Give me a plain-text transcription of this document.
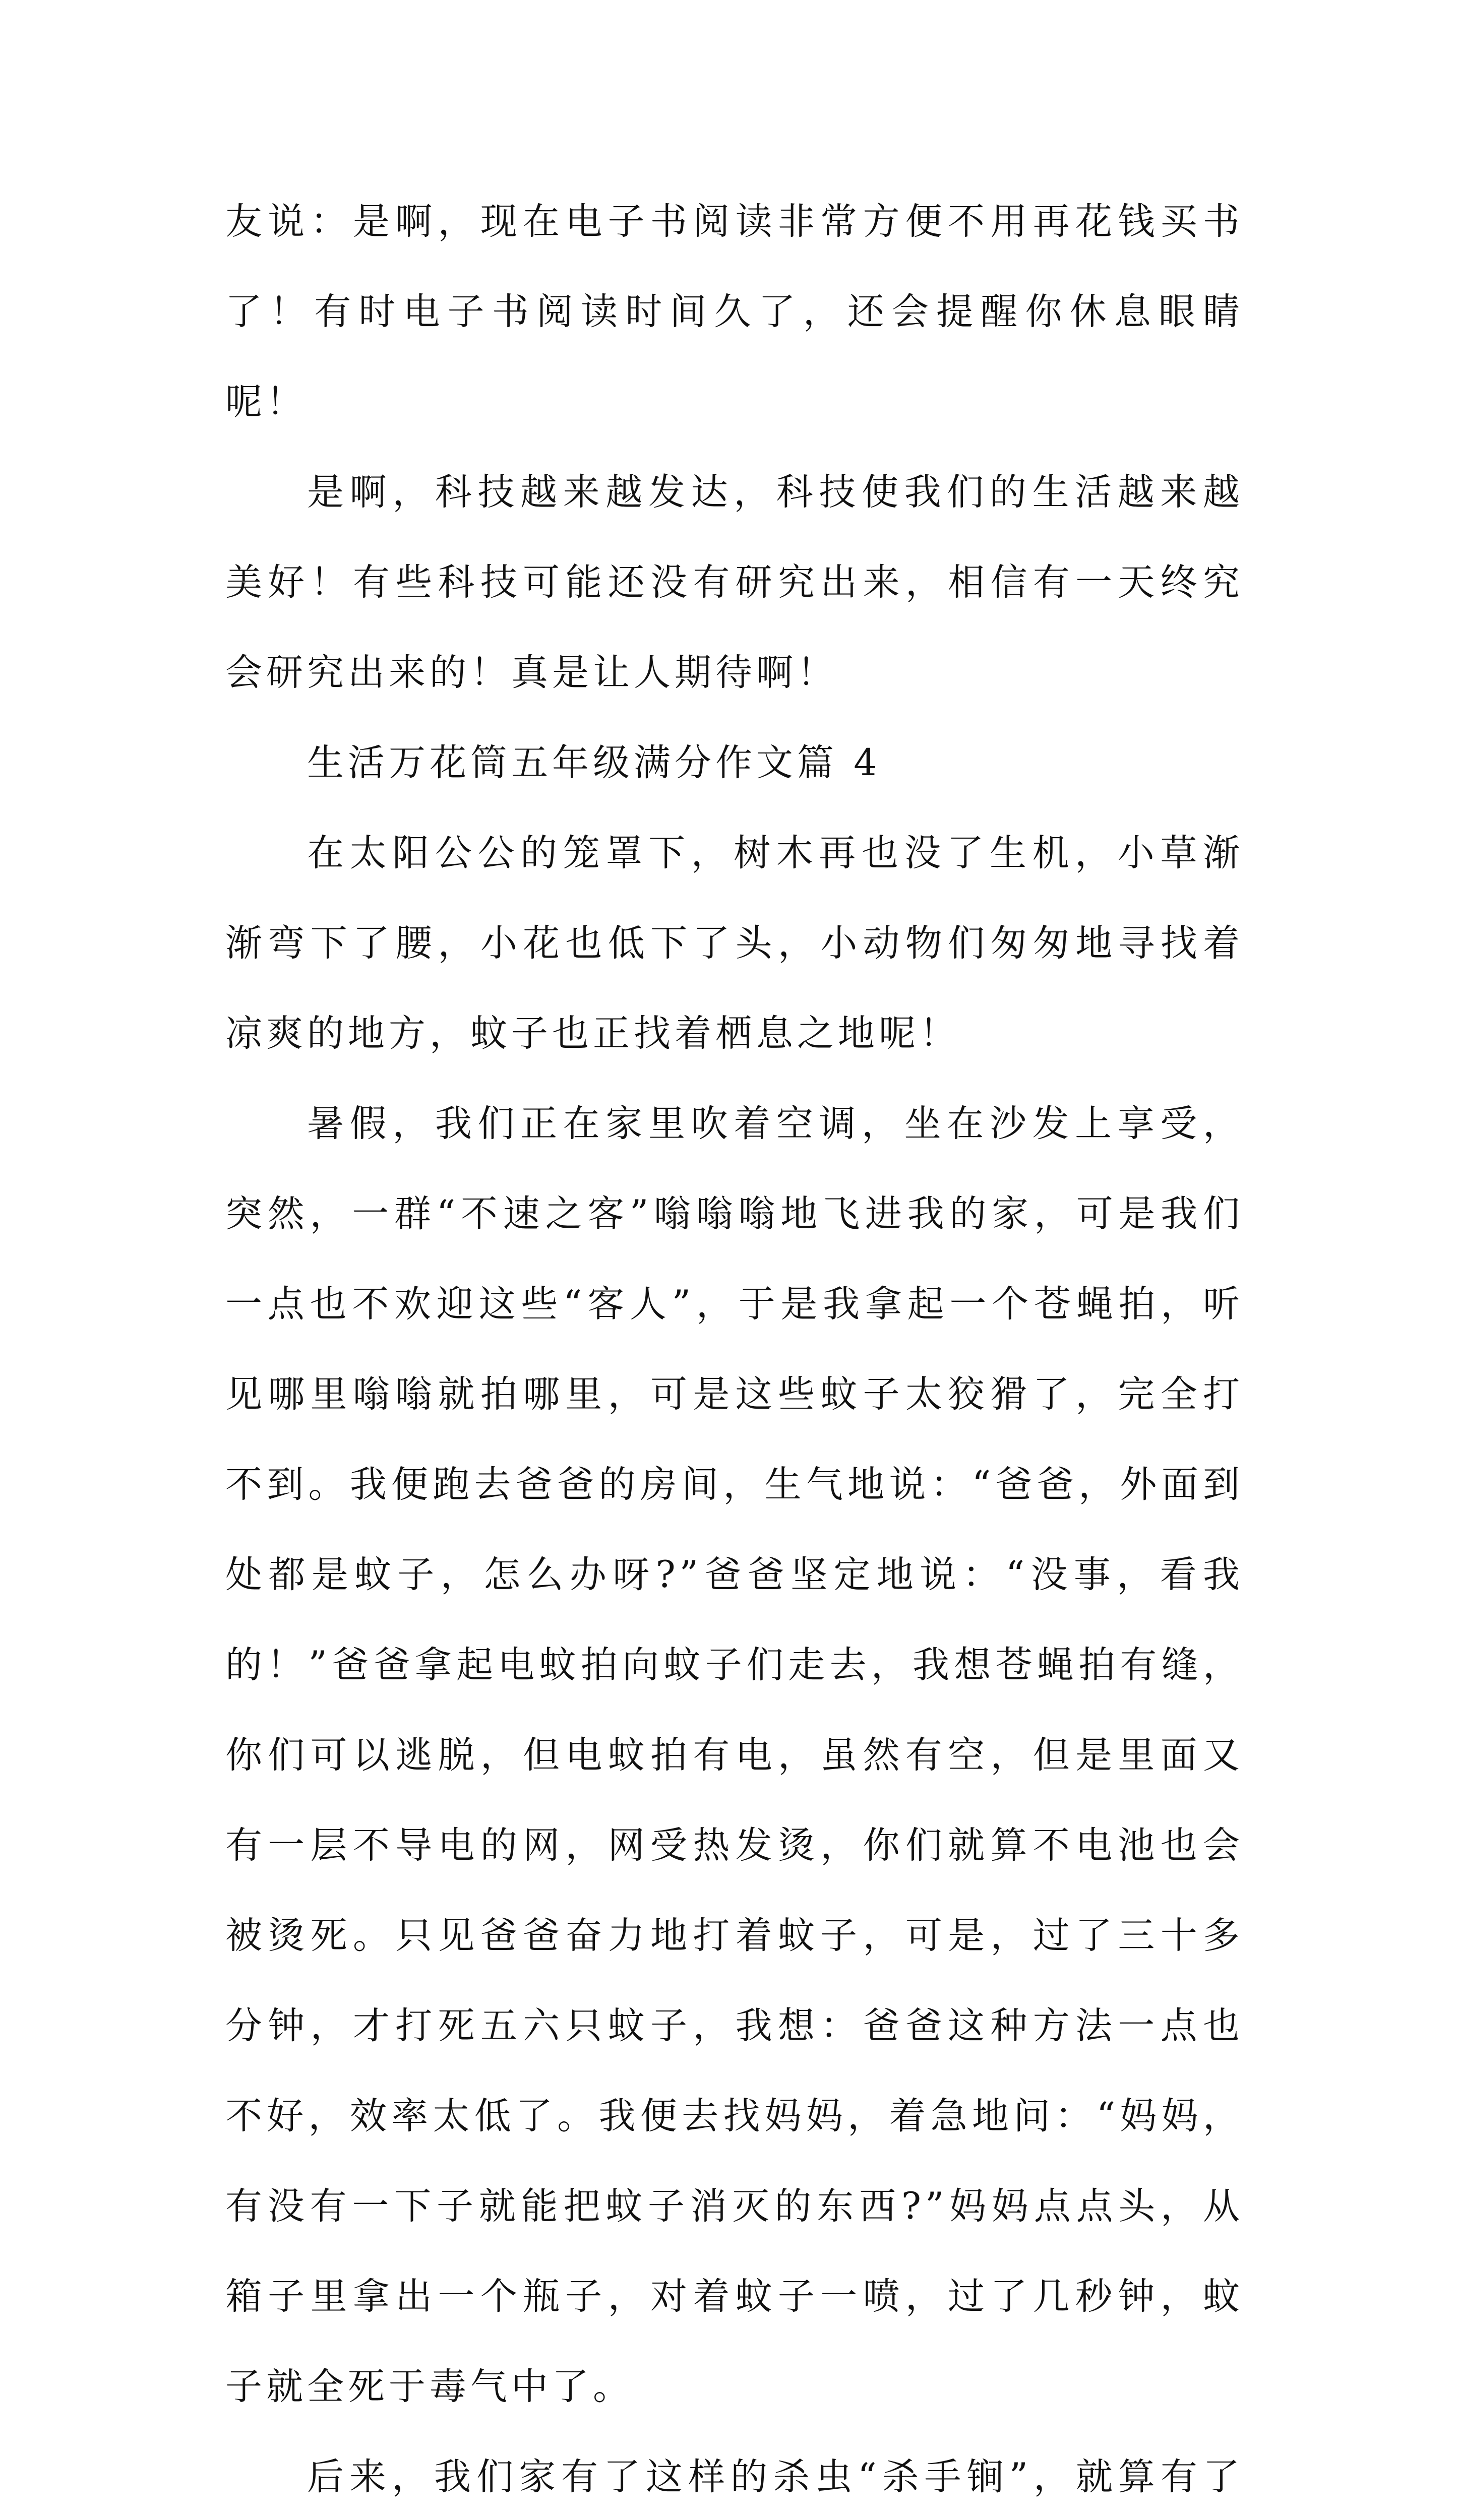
友说：是啊，现在电子书阅读非常方便不用再花钱买书了！有时电子书阅读时间久了，还会提醒你休息眼睛呢！

是啊，科技越来越发达，科技使我们的生活越来越美好！有些科技可能还没有研究出来，相信有一天终究会研究出来的！真是让人期待啊！

生活万花筒五年级满分作文篇 4

在太阳公公的笼罩下，树木再也没了生机，小草渐渐弯下了腰，小花也低下了头，小动物们匆匆地寻找着凉爽的地方，蚊子也正找着栖息之地呢！

暑假，我们正在家里吹着空调，坐在沙发上享受，突然，一群“不速之客”嗡嗡嗡地飞进我的家，可是我们一点也不欢迎这些“客人”，于是我拿起一个苍蝇拍，听见哪里嗡嗡就拍哪里，可是这些蚊子太狡猾了，完全打不到。我便跑去爸爸的房间，生气地说：“爸爸，外面到处都是蚊子，怎么办呀?”爸爸坚定地说：“没事，看我的！”爸爸拿起电蚊拍向蚊子们走去，我想苍蝇拍有缝，你们可以逃脱，但电蚊拍有电，虽然有空，但是里面又有一层不导电的网，网受热发烫，你们就算不电池也会被烫死。只见爸爸奋力地打着蚊子，可是，过了三十多分钟，才打死五六只蚊子，我想：爸爸这种方法一点也不好，效率太低了。我便去找妈妈，着急地问：“妈妈，有没有一下子就能把蚊子消灭的东西?”妈妈点点头，从箱子里拿出一个瓶子，对着蚊子一喷，过了几秒钟，蚊子就全死于毒气中了。

后来，我们家有了这样的杀虫“杀手锏”，就算有了
